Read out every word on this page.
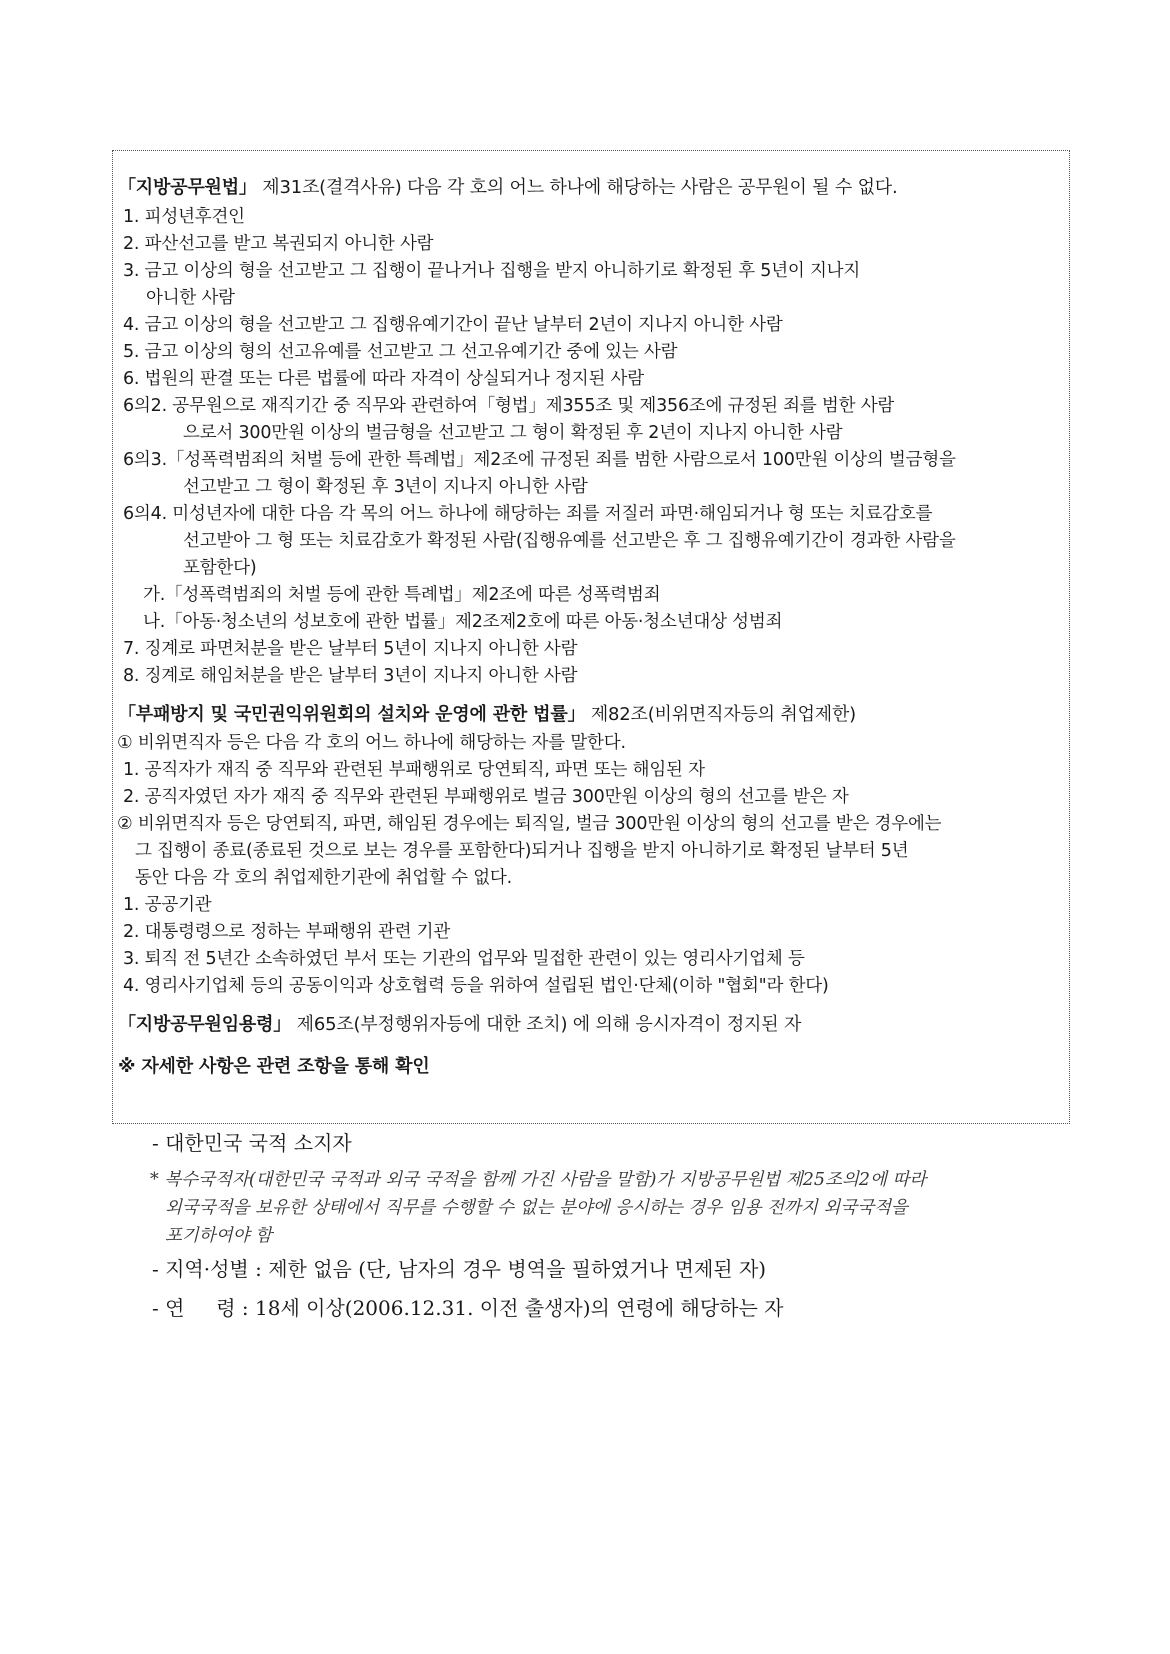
「지방공무원법」 제31조(결격사유) 다음 각 호의 어느 하나에 해당하는 사람은 공무원이 될 수 없다.
1. 피성년후견인
2. 파산선고를 받고 복권되지 아니한 사람
3. 금고 이상의 형을 선고받고 그 집행이 끝나거나 집행을 받지 아니하기로 확정된 후 5년이 지나지
아니한 사람
4. 금고 이상의 형을 선고받고 그 집행유예기간이 끝난 날부터 2년이 지나지 아니한 사람
5. 금고 이상의 형의 선고유예를 선고받고 그 선고유예기간 중에 있는 사람
6. 법원의 판결 또는 다른 법률에 따라 자격이 상실되거나 정지된 사람
6의2. 공무원으로 재직기간 중 직무와 관련하여「형법」제355조 및 제356조에 규정된 죄를 범한 사람
으로서 300만원 이상의 벌금형을 선고받고 그 형이 확정된 후 2년이 지나지 아니한 사람
6의3.「성폭력범죄의 처벌 등에 관한 특례법」제2조에 규정된 죄를 범한 사람으로서 100만원 이상의 벌금형을
선고받고 그 형이 확정된 후 3년이 지나지 아니한 사람
6의4. 미성년자에 대한 다음 각 목의 어느 하나에 해당하는 죄를 저질러 파면·해임되거나 형 또는 치료감호를
선고받아 그 형 또는 치료감호가 확정된 사람(집행유예를 선고받은 후 그 집행유예기간이 경과한 사람을
포함한다)
가.「성폭력범죄의 처벌 등에 관한 특례법」제2조에 따른 성폭력범죄
나.「아동·청소년의 성보호에 관한 법률」제2조제2호에 따른 아동·청소년대상 성범죄
7. 징계로 파면처분을 받은 날부터 5년이 지나지 아니한 사람
8. 징계로 해임처분을 받은 날부터 3년이 지나지 아니한 사람
「부패방지 및 국민권익위원회의 설치와 운영에 관한 법률」 제82조(비위면직자등의 취업제한)
① 비위면직자 등은 다음 각 호의 어느 하나에 해당하는 자를 말한다.
1. 공직자가 재직 중 직무와 관련된 부패행위로 당연퇴직, 파면 또는 해임된 자
2. 공직자였던 자가 재직 중 직무와 관련된 부패행위로 벌금 300만원 이상의 형의 선고를 받은 자
② 비위면직자 등은 당연퇴직, 파면, 해임된 경우에는 퇴직일, 벌금 300만원 이상의 형의 선고를 받은 경우에는
그 집행이 종료(종료된 것으로 보는 경우를 포함한다)되거나 집행을 받지 아니하기로 확정된 날부터 5년
동안 다음 각 호의 취업제한기관에 취업할 수 없다.
1. 공공기관
2. 대통령령으로 정하는 부패행위 관련 기관
3. 퇴직 전 5년간 소속하였던 부서 또는 기관의 업무와 밀접한 관련이 있는 영리사기업체 등
4. 영리사기업체 등의 공동이익과 상호협력 등을 위하여 설립된 법인·단체(이하 "협회"라 한다)
「지방공무원임용령」 제65조(부정행위자등에 대한 조치) 에 의해 응시자격이 정지된 자
※ 자세한 사항은 관련 조항을 통해 확인
- 대한민국 국적 소지자
* 복수국적자(대한민국 국적과 외국 국적을 함께 가진 사람을 말함)가 지방공무원법 제25조의2에 따라
외국국적을 보유한 상태에서 직무를 수행할 수 없는 분야에 응시하는 경우 임용 전까지 외국국적을
포기하여야 함
- 지역·성별 : 제한 없음 (단, 남자의 경우 병역을 필하였거나 면제된 자)
- 연     령 : 18세 이상(2006.12.31. 이전 출생자)의 연령에 해당하는 자
